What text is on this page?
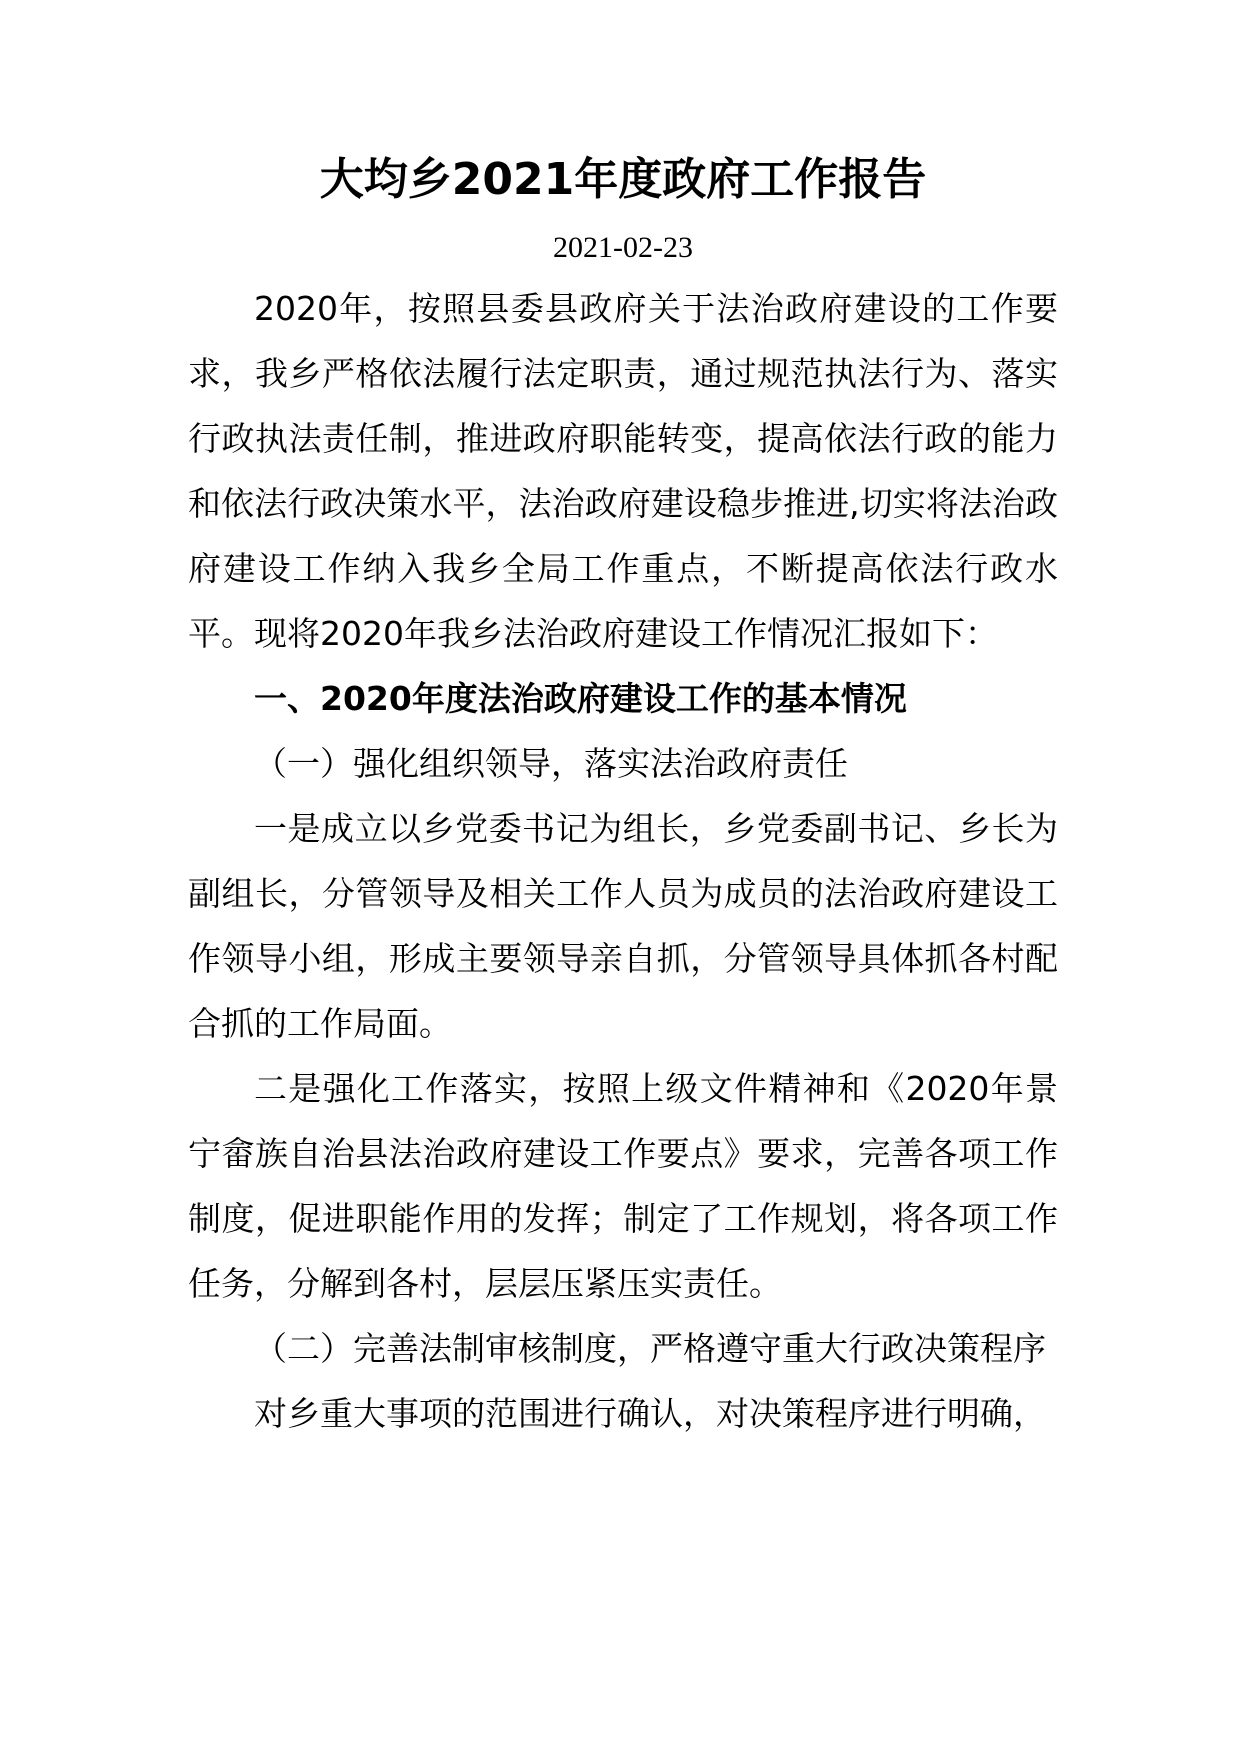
大均乡2021年度政府工作报告
2021-02-23

2020年，按照县委县政府关于法治政府建设的工作要求，我乡严格依法履行法定职责，通过规范执法行为、落实行政执法责任制，推进政府职能转变，提高依法行政的能力和依法行政决策水平，法治政府建设稳步推进,切实将法治政府建设工作纳入我乡全局工作重点，不断提高依法行政水平。现将2020年我乡法治政府建设工作情况汇报如下：

一、2020年度法治政府建设工作的基本情况

（一）强化组织领导，落实法治政府责任

一是成立以乡党委书记为组长，乡党委副书记、乡长为副组长，分管领导及相关工作人员为成员的法治政府建设工作领导小组，形成主要领导亲自抓，分管领导具体抓各村配合抓的工作局面。

二是强化工作落实，按照上级文件精神和《2020年景宁畲族自治县法治政府建设工作要点》要求，完善各项工作制度，促进职能作用的发挥；制定了工作规划，将各项工作任务，分解到各村，层层压紧压实责任。

（二）完善法制审核制度，严格遵守重大行政决策程序

对乡重大事项的范围进行确认，对决策程序进行明确，
